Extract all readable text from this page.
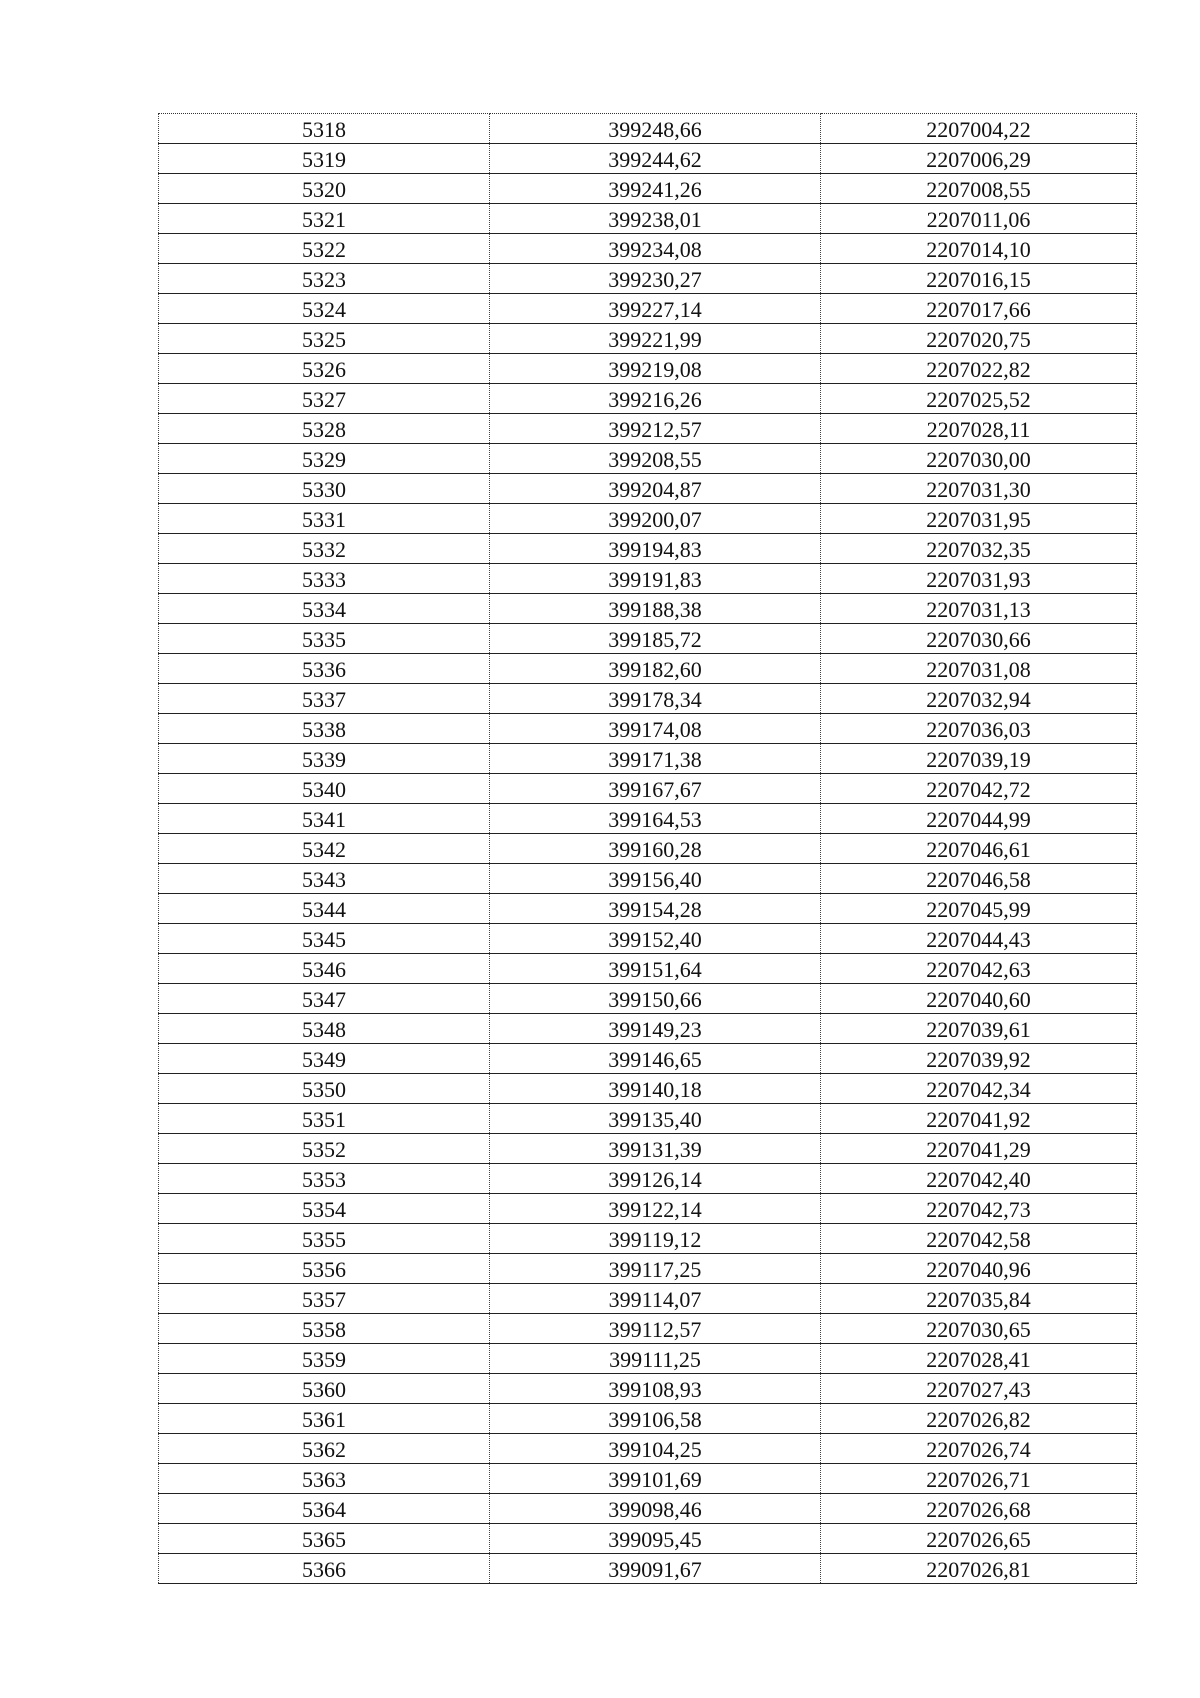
5318	399248,66	2207004,22
5319	399244,62	2207006,29
5320	399241,26	2207008,55
5321	399238,01	2207011,06
5322	399234,08	2207014,10
5323	399230,27	2207016,15
5324	399227,14	2207017,66
5325	399221,99	2207020,75
5326	399219,08	2207022,82
5327	399216,26	2207025,52
5328	399212,57	2207028,11
5329	399208,55	2207030,00
5330	399204,87	2207031,30
5331	399200,07	2207031,95
5332	399194,83	2207032,35
5333	399191,83	2207031,93
5334	399188,38	2207031,13
5335	399185,72	2207030,66
5336	399182,60	2207031,08
5337	399178,34	2207032,94
5338	399174,08	2207036,03
5339	399171,38	2207039,19
5340	399167,67	2207042,72
5341	399164,53	2207044,99
5342	399160,28	2207046,61
5343	399156,40	2207046,58
5344	399154,28	2207045,99
5345	399152,40	2207044,43
5346	399151,64	2207042,63
5347	399150,66	2207040,60
5348	399149,23	2207039,61
5349	399146,65	2207039,92
5350	399140,18	2207042,34
5351	399135,40	2207041,92
5352	399131,39	2207041,29
5353	399126,14	2207042,40
5354	399122,14	2207042,73
5355	399119,12	2207042,58
5356	399117,25	2207040,96
5357	399114,07	2207035,84
5358	399112,57	2207030,65
5359	399111,25	2207028,41
5360	399108,93	2207027,43
5361	399106,58	2207026,82
5362	399104,25	2207026,74
5363	399101,69	2207026,71
5364	399098,46	2207026,68
5365	399095,45	2207026,65
5366	399091,67	2207026,81
